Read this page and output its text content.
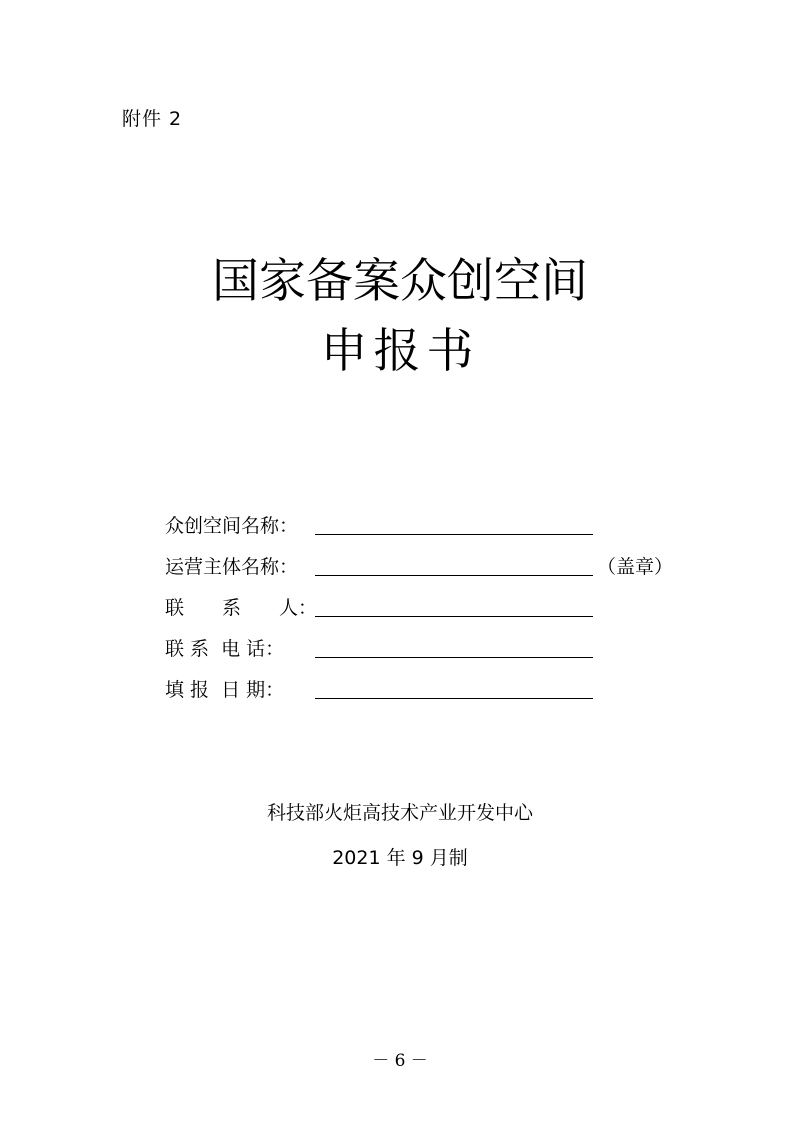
附件 2
国家备案众创空间
申报书
众创空间名称：
运营主体名称：	（盖章）
联　　系　　人：
联 系  电 话：
填 报  日 期：
科技部火炬高技术产业开发中心
2021 年 9 月制
－ 6 －
